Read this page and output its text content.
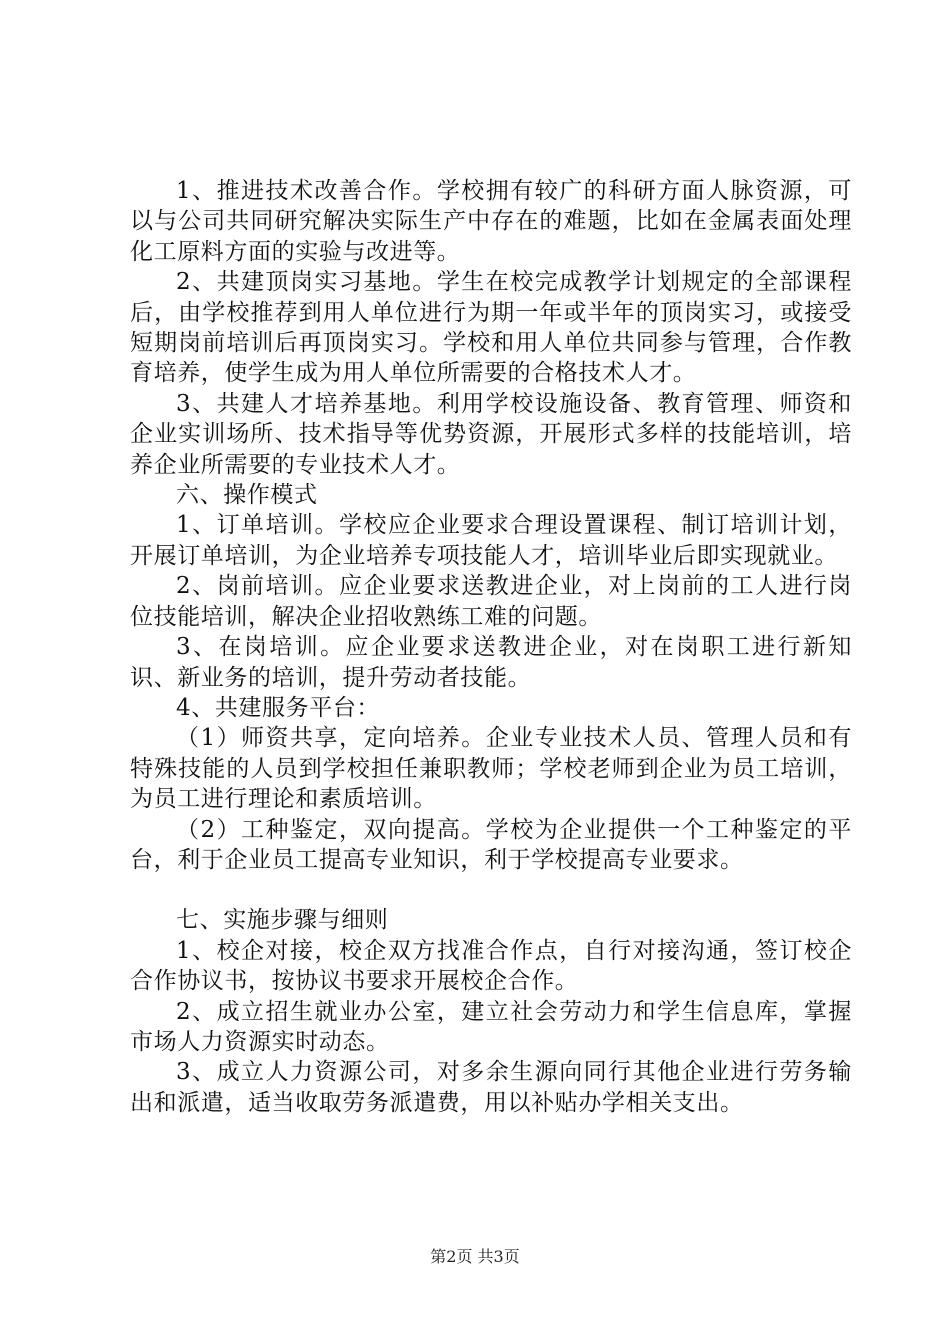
1、推进技术改善合作。学校拥有较广的科研方面人脉资源，可以与公司共同研究解决实际生产中存在的难题，比如在金属表面处理化工原料方面的实验与改进等。

2、共建顶岗实习基地。学生在校完成教学计划规定的全部课程后，由学校推荐到用人单位进行为期一年或半年的顶岗实习，或接受短期岗前培训后再顶岗实习。学校和用人单位共同参与管理，合作教育培养，使学生成为用人单位所需要的合格技术人才。

3、共建人才培养基地。利用学校设施设备、教育管理、师资和企业实训场所、技术指导等优势资源，开展形式多样的技能培训，培养企业所需要的专业技术人才。

六、操作模式

1、订单培训。学校应企业要求合理设置课程、制订培训计划，开展订单培训，为企业培养专项技能人才，培训毕业后即实现就业。

2、岗前培训。应企业要求送教进企业，对上岗前的工人进行岗位技能培训，解决企业招收熟练工难的问题。

3、在岗培训。应企业要求送教进企业，对在岗职工进行新知识、新业务的培训，提升劳动者技能。

4、共建服务平台：

（1）师资共享，定向培养。企业专业技术人员、管理人员和有特殊技能的人员到学校担任兼职教师；学校老师到企业为员工培训，为员工进行理论和素质培训。

（2）工种鉴定，双向提高。学校为企业提供一个工种鉴定的平台，利于企业员工提高专业知识，利于学校提高专业要求。

七、实施步骤与细则

1、校企对接，校企双方找准合作点，自行对接沟通，签订校企合作协议书，按协议书要求开展校企合作。

2、成立招生就业办公室，建立社会劳动力和学生信息库，掌握市场人力资源实时动态。

3、成立人力资源公司，对多余生源向同行其他企业进行劳务输出和派遣，适当收取劳务派遣费，用以补贴办学相关支出。

第2页 共3页
